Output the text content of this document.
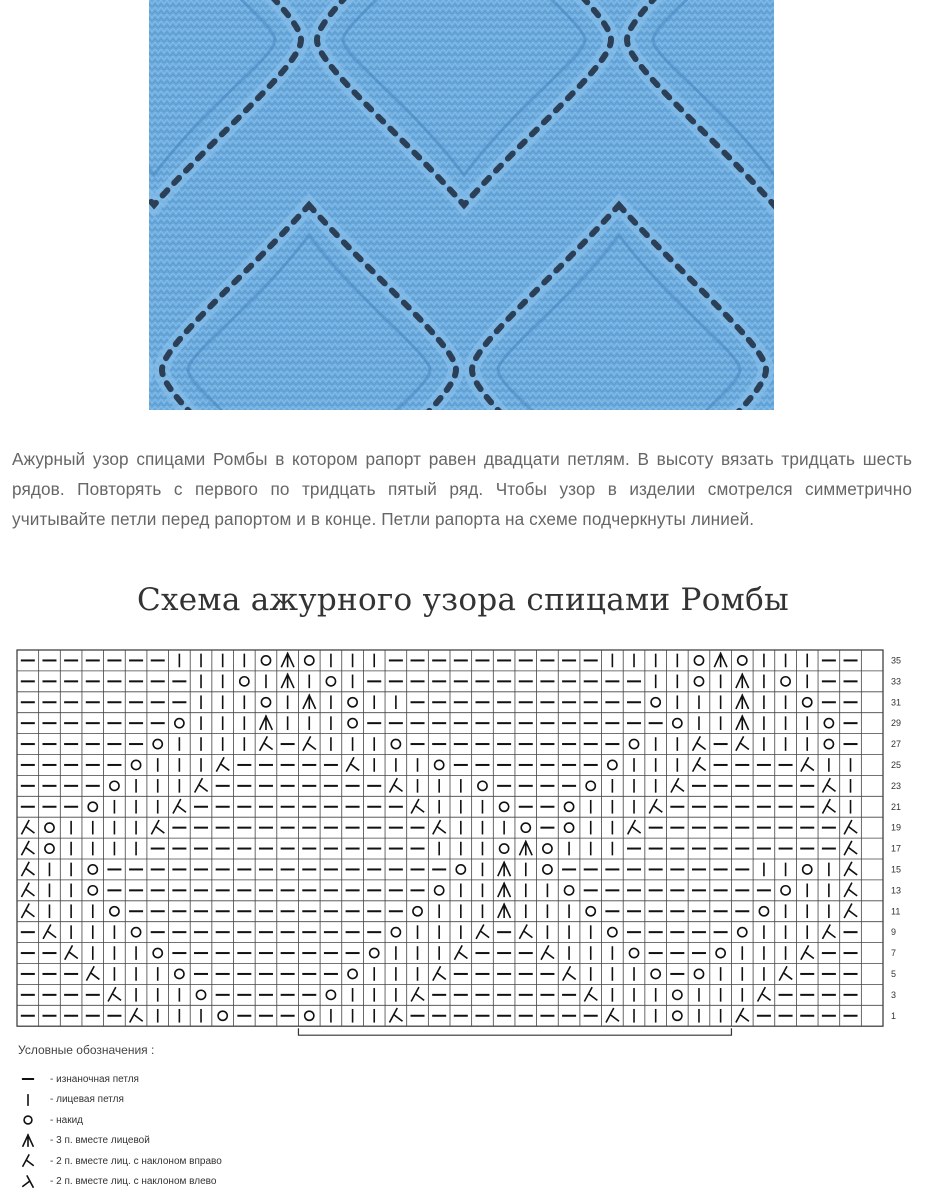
Ажурный узор спицами Ромбы в котором рапорт равен двадцати петлям. В высоту вязать тридцать шесть рядов. Повторять с первого по тридцать пятый ряд. Чтобы узор в изделии смотрелся симметрично учитывайте петли перед рапортом и в конце. Петли рапорта на схеме подчеркнуты линией.
Схема ажурного узора спицами Ромбы
35
33
31
29
27
25
23
21
19
17
15
13
11
9
7
5
3
1
Условные обозначения :
- изнаночная петля
- лицевая петля
- накид
- 3 п. вместе лицевой
- 2 п. вместе лиц. с наклоном вправо
- 2 п. вместе лиц. с наклоном влево
